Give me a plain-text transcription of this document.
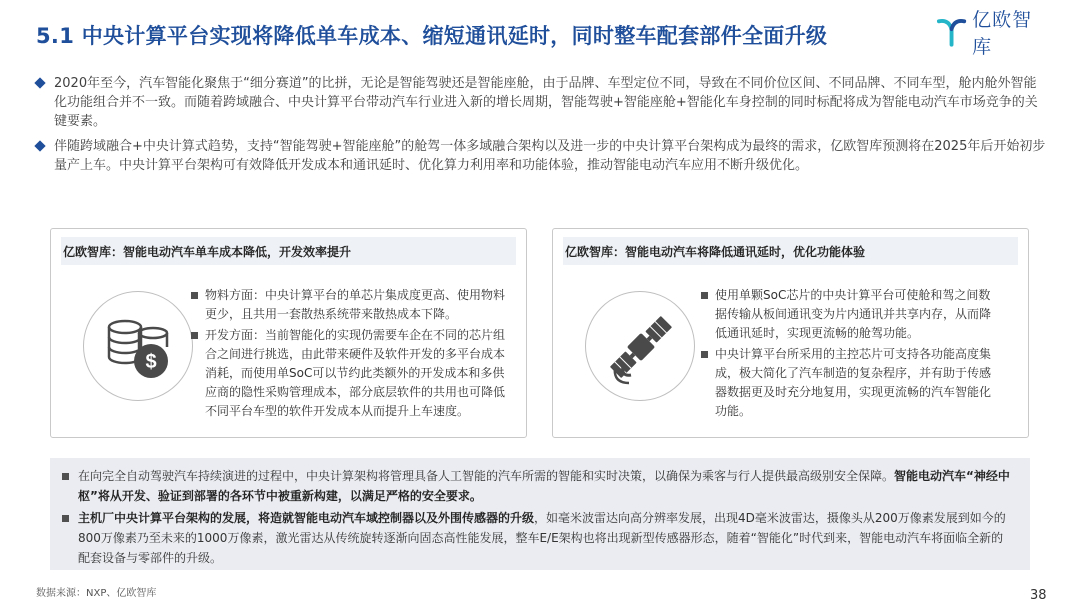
5.1 中央计算平台实现将降低单车成本、缩短通讯延时，同时整车配套部件全面升级
亿欧智库
2020年至今，汽车智能化聚焦于“细分赛道”的比拼，无论是智能驾驶还是智能座舱，由于品牌、车型定位不同，导致在不同价位区间、不同品牌、不同车型，舱内舱外智能化功能组合并不一致。而随着跨域融合、中央计算平台带动汽车行业进入新的增长周期，智能驾驶+智能座舱+智能化车身控制的同时标配将成为智能电动汽车市场竞争的关键要素。
伴随跨域融合+中央计算式趋势，支持“智能驾驶+智能座舱”的舱驾一体多域融合架构以及进一步的中央计算平台架构成为最终的需求，亿欧智库预测将在2025年后开始初步量产上车。中央计算平台架构可有效降低开发成本和通讯延时、优化算力利用率和功能体验，推动智能电动汽车应用不断升级优化。
亿欧智库：智能电动汽车单车成本降低，开发效率提升
$
物料方面：中央计算平台的单芯片集成度更高、使用物料更少，且共用一套散热系统带来散热成本下降。
开发方面：当前智能化的实现仍需要车企在不同的芯片组合之间进行挑选，由此带来硬件及软件开发的多平台成本消耗，而使用单SoC可以节约此类额外的开发成本和多供应商的隐性采购管理成本，部分底层软件的共用也可降低不同平台车型的软件开发成本从而提升上车速度。
亿欧智库：智能电动汽车将降低通讯延时，优化功能体验
使用单颗SoC芯片的中央计算平台可使舱和驾之间数据传输从板间通讯变为片内通讯并共享内存，从而降低通讯延时，实现更流畅的舱驾功能。
中央计算平台所采用的主控芯片可支持各功能高度集成，极大简化了汽车制造的复杂程序，并有助于传感器数据更及时充分地复用，实现更流畅的汽车智能化功能。
在向完全自动驾驶汽车持续演进的过程中，中央计算架构将管理具备人工智能的汽车所需的智能和实时决策，以确保为乘客与行人提供最高级别安全保障。智能电动汽车“神经中枢”将从开发、验证到部署的各环节中被重新构建，以满足严格的安全要求。
主机厂中央计算平台架构的发展，将造就智能电动汽车域控制器以及外围传感器的升级，如毫米波雷达向高分辨率发展，出现4D毫米波雷达，摄像头从200万像素发展到如今的800万像素乃至未来的1000万像素，激光雷达从传统旋转逐渐向固态高性能发展，整车E/E架构也将出现新型传感器形态，随着“智能化”时代到来，智能电动汽车将面临全新的配套设备与零部件的升级。
数据来源：NXP、亿欧智库	38
